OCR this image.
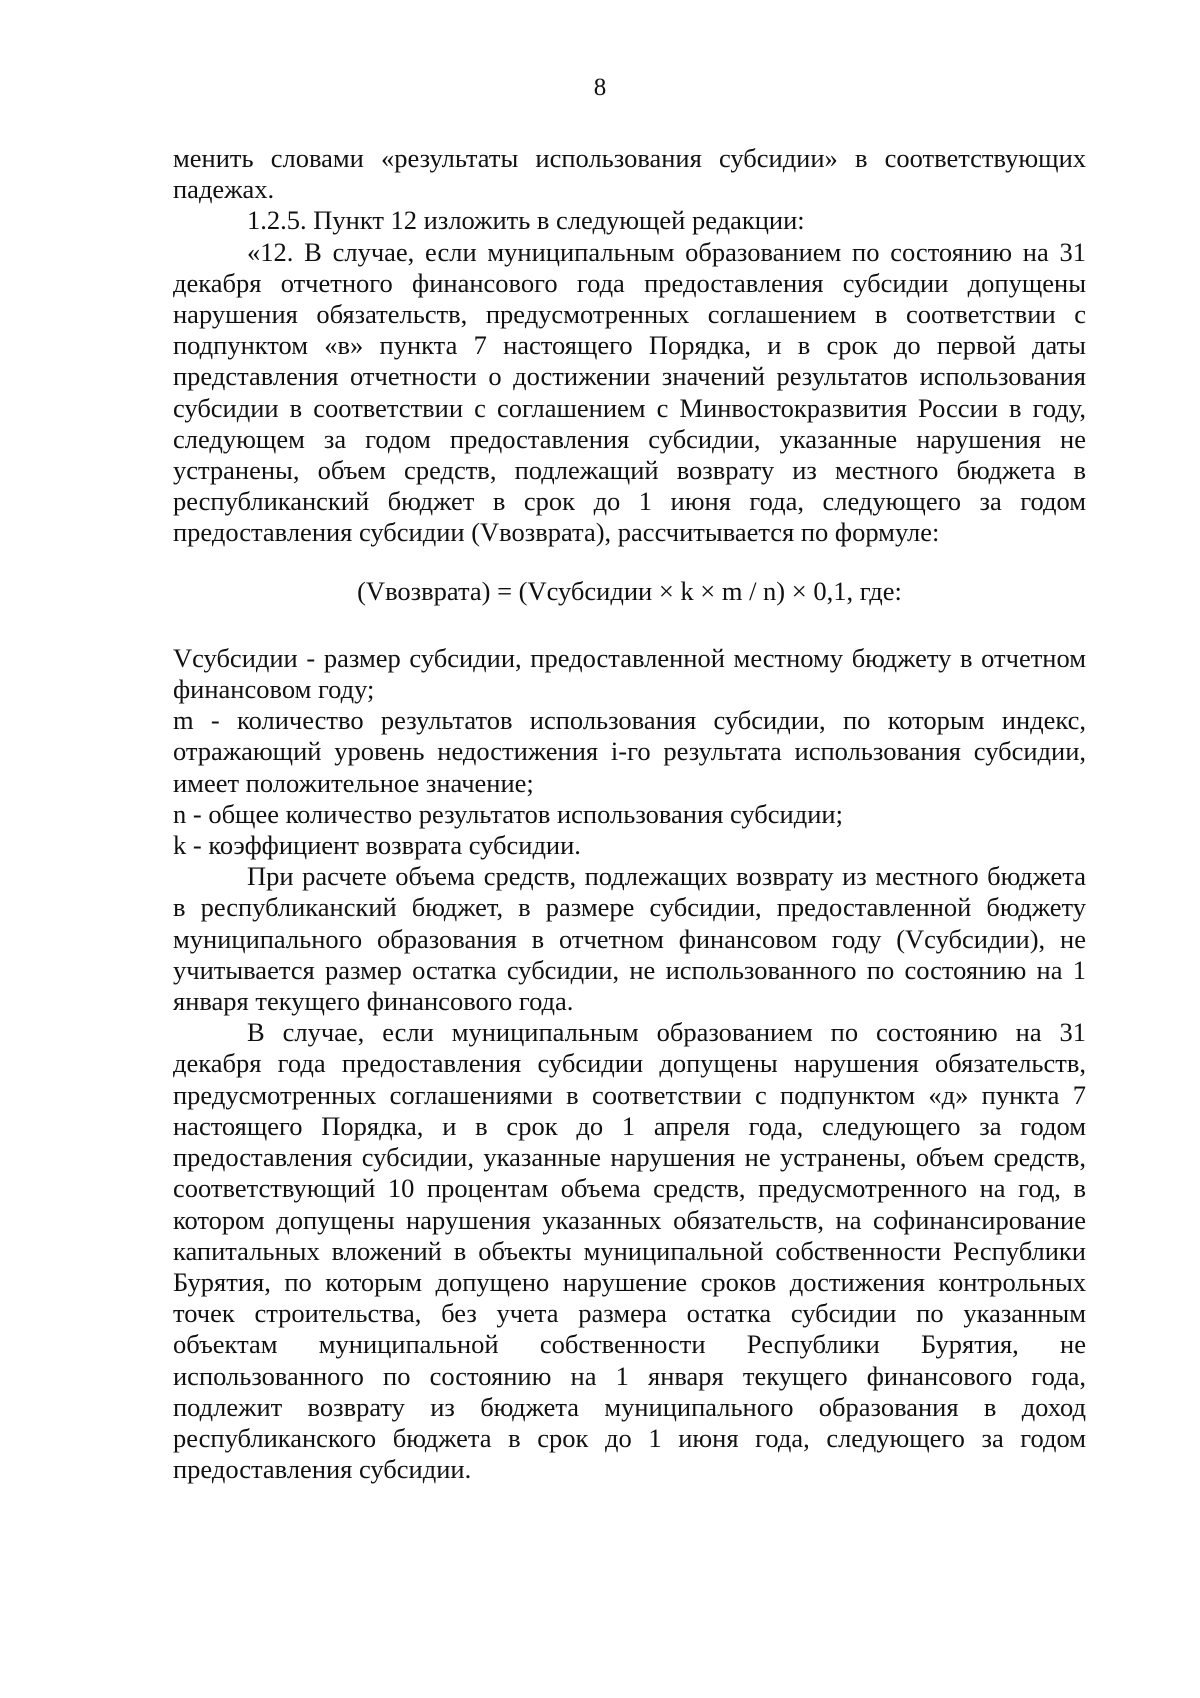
8

менить словами «результаты использования субсидии» в соответствующих падежах.

1.2.5. Пункт 12 изложить в следующей редакции:

«12. В случае, если муниципальным образованием по состоянию на 31 декабря отчетного финансового года предоставления субсидии допущены нарушения обязательств, предусмотренных соглашением в соответствии с подпунктом «в» пункта 7 настоящего Порядка, и в срок до первой даты представления отчетности о достижении значений результатов использования субсидии в соответствии с соглашением с Минвостокразвития России в году, следующем за годом предоставления субсидии, указанные нарушения не устранены, объем средств, подлежащий возврату из местного бюджета в республиканский бюджет в срок до 1 июня года, следующего за годом предоставления субсидии (Vвозврата), рассчитывается по формуле:

(Vвозврата) = (Vсубсидии × k × m / n) × 0,1, где:

Vсубсидии - размер субсидии, предоставленной местному бюджету в отчетном финансовом году;

m - количество результатов использования субсидии, по которым индекс, отражающий уровень недостижения i-го результата использования субсидии, имеет положительное значение;

n - общее количество результатов использования субсидии;

k - коэффициент возврата субсидии.

При расчете объема средств, подлежащих возврату из местного бюджета в республиканский бюджет, в размере субсидии, предоставленной бюджету муниципального образования в отчетном финансовом году (Vсубсидии), не учитывается размер остатка субсидии, не использованного по состоянию на 1 января текущего финансового года.

В случае, если муниципальным образованием по состоянию на 31 декабря года предоставления субсидии допущены нарушения обязательств, предусмотренных соглашениями в соответствии с подпунктом «д» пункта 7 настоящего Порядка, и в срок до 1 апреля года, следующего за годом предоставления субсидии, указанные нарушения не устранены, объем средств, соответствующий 10 процентам объема средств, предусмотренного на год, в котором допущены нарушения указанных обязательств, на софинансирование капитальных вложений в объекты муниципальной собственности Республики Бурятия, по которым допущено нарушение сроков достижения контрольных точек строительства, без учета размера остатка субсидии по указанным объектам муниципальной собственности Республики Бурятия, не использованного по состоянию на 1 января текущего финансового года, подлежит возврату из бюджета муниципального образования в доход республиканского бюджета в срок до 1 июня года, следующего за годом предоставления субсидии.
